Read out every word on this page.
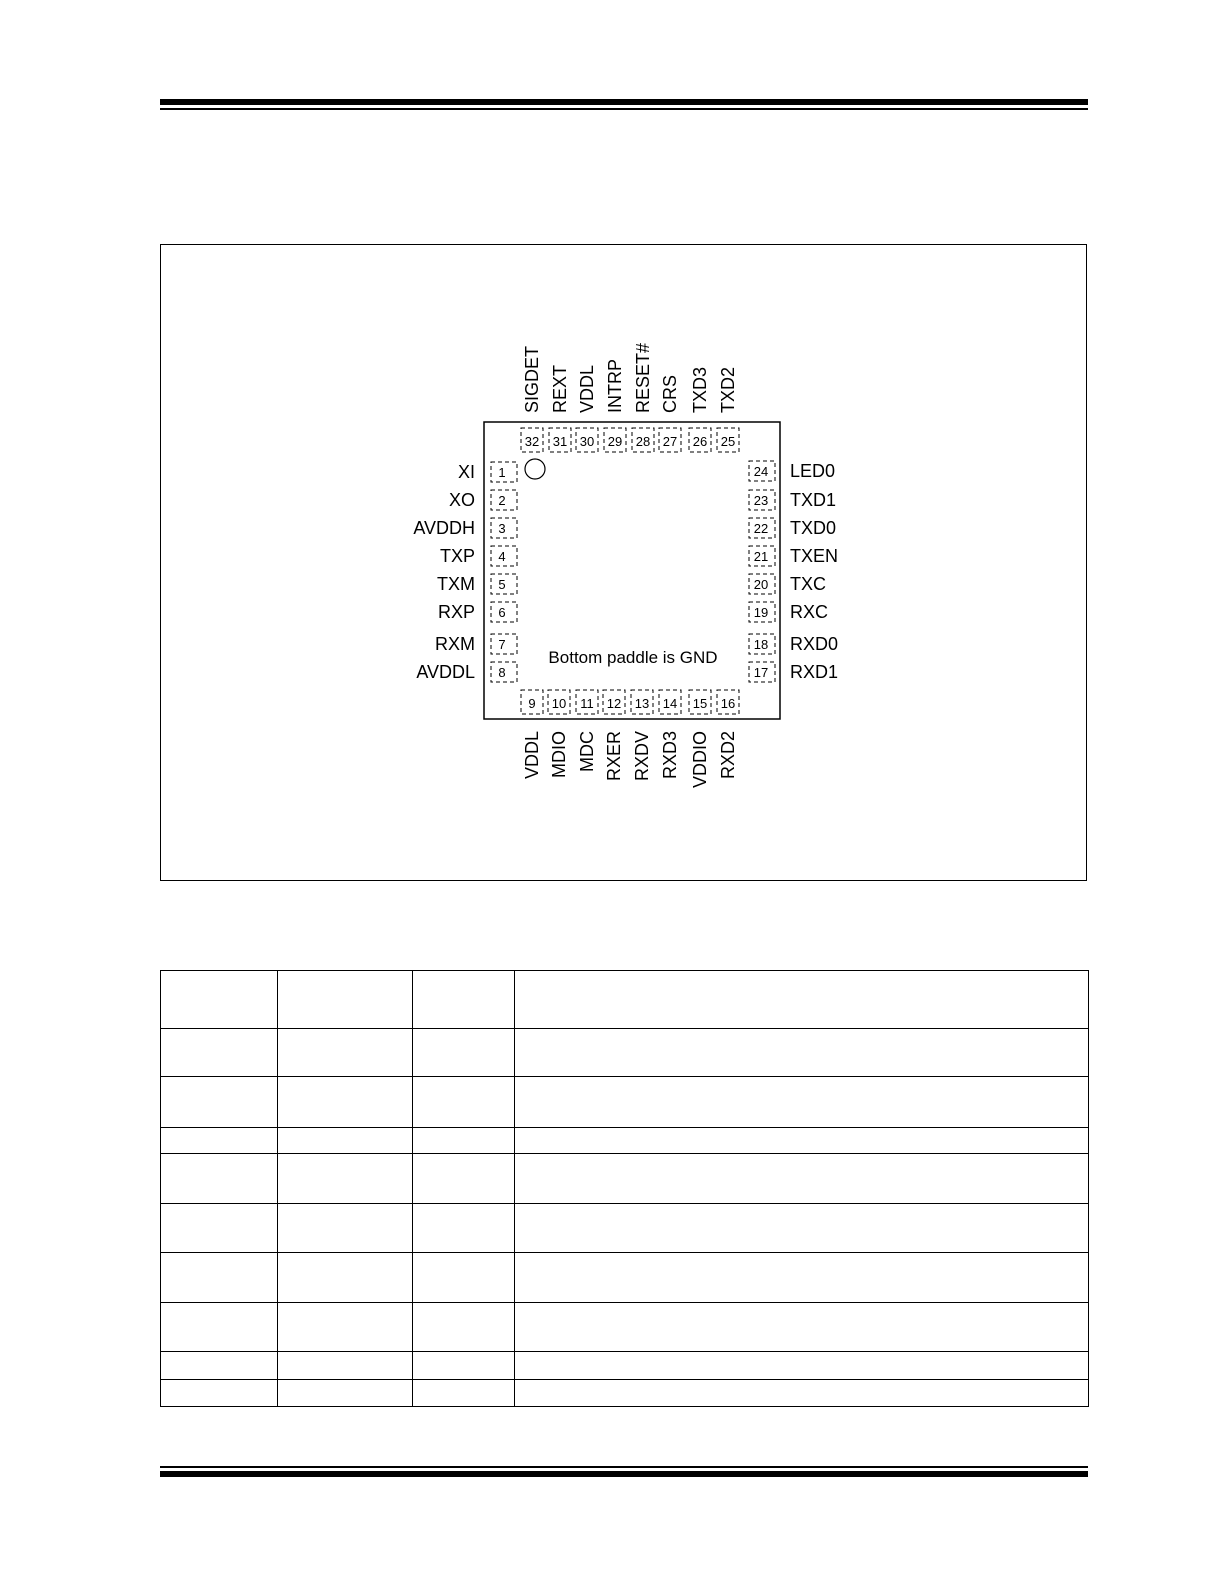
Bottom paddle is GND
1
XI
2
XO
3
AVDDH
4
TXP
5
TXM
6
RXP
7
RXM
8
AVDDL
24 LED0
23 TXD1
22 TXD0
21 TXEN
20 TXC
19 RXC
18 RXD0
17 RXD1
32
SIGDET
31
REXT
30
VDDL
29
INTRP
28
RESET#
27
CRS
26
TXD3
25
TXD2
9
VDDL
10
MDIO
11
MDC
12
RXER
13
RXDV
14
RXD3
15
VDDIO
16
RXD2
